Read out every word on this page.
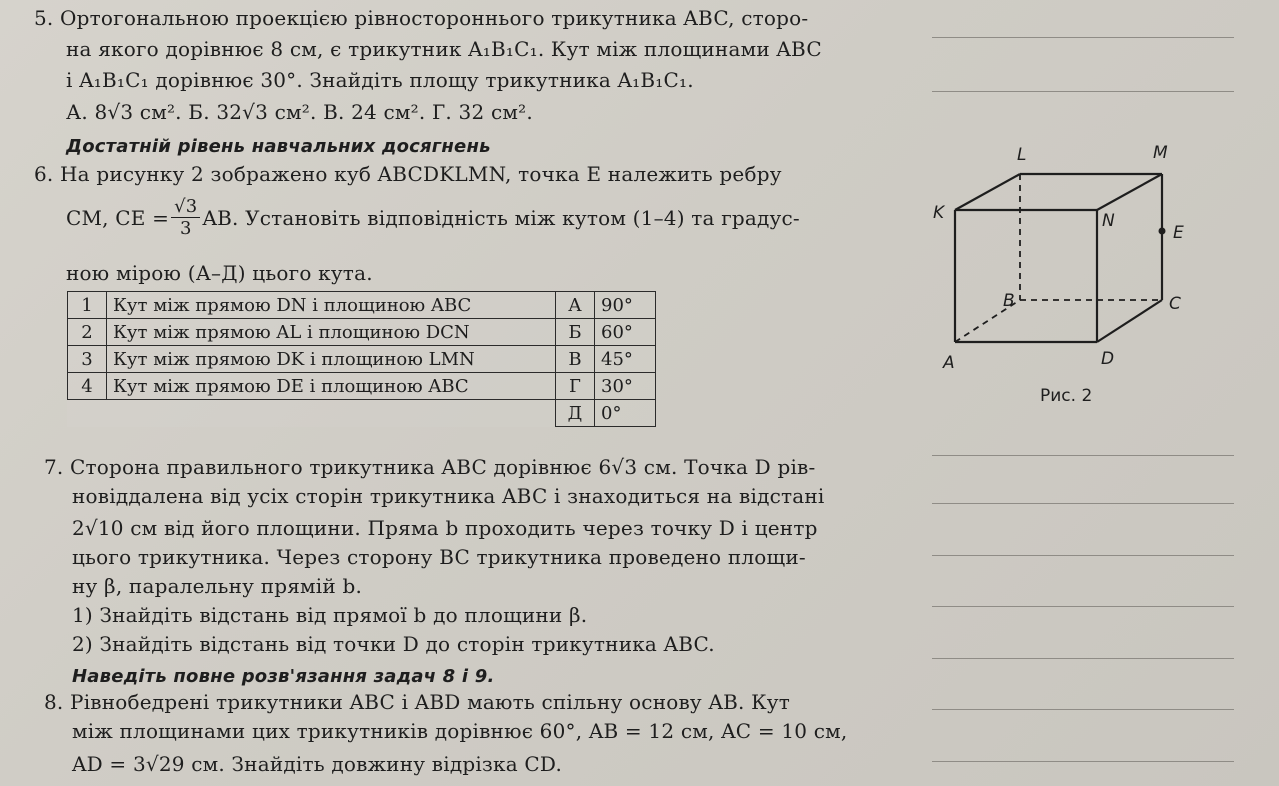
5. Ортогональною проекцією рівностороннього трикутника ABC, сторо-
на якого дорівнює 8 см, є трикутник A₁B₁C₁. Кут між площинами ABC
і A₁B₁C₁ дорівнює 30°. Знайдіть площу трикутника A₁B₁C₁.
А. 8√3 см². Б. 32√3 см². В. 24 см². Г. 32 см².
Достатній рівень навчальних досягнень
6. На рисунку 2 зображено куб ABCDKLMN, точка E належить ребру
CM, CE = $\frac{√3}{3}$ AB. Установіть відповідність між кутом (1–4) та градус-
ною мірою (А–Д) цього кута.
1	Кут між прямою DN і площиною ABC	А	90°
2	Кут між прямою AL і площиною DCN	Б	60°
3	Кут між прямою DK і площиною LMN	В	45°
4	Кут між прямою DE і площиною ABC	Г	30°
		Д	0°
L	M
K	N
E
B	C
A	D
Рис. 2
7. Сторона правильного трикутника ABC дорівнює 6√3 см. Точка D рів-
новіддалена від усіх сторін трикутника ABC і знаходиться на відстані
2√10 см від його площини. Пряма b проходить через точку D і центр
цього трикутника. Через сторону BC трикутника проведено площи-
ну β, паралельну прямій b.
1) Знайдіть відстань від прямої b до площини β.
2) Знайдіть відстань від точки D до сторін трикутника ABC.
Наведіть повне розв'язання задач 8 і 9.
8. Рівнобедрені трикутники ABC і ABD мають спільну основу AB. Кут
між площинами цих трикутників дорівнює 60°, AB = 12 см, AC = 10 см,
AD = 3√29 см. Знайдіть довжину відрізка CD.
